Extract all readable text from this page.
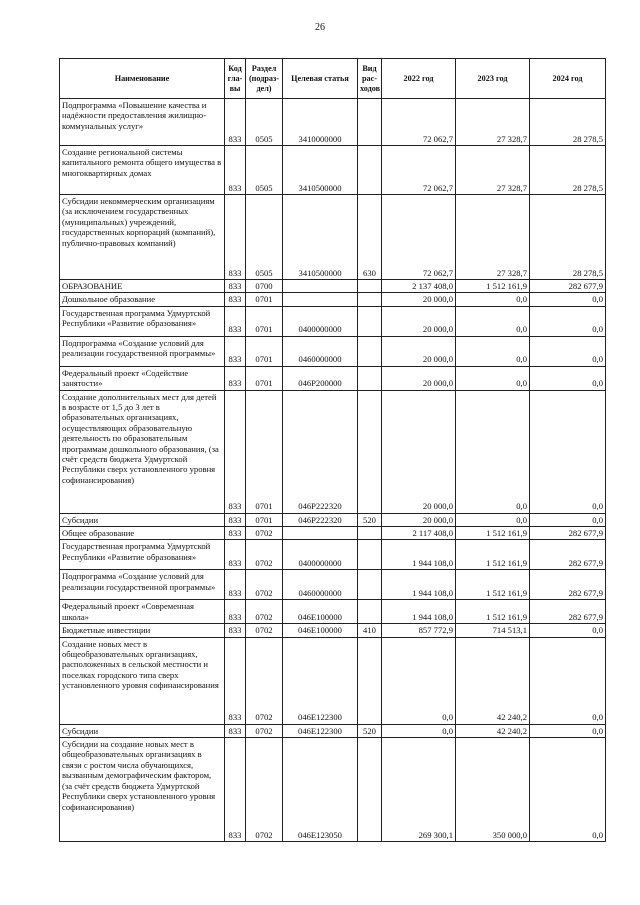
26
Наименование	Код гла-вы	Раздел (подраз-дел)	Целевая статья	Вид рас-ходов	2022 год	2023 год	2024 год
Подпрограмма «Повышение качества и надёжности предоставления жилищно-коммунальных услуг»	833	0505	3410000000		72 062,7	27 328,7	28 278,5
Создание региональной системы капитального ремонта общего имущества в многоквартирных домах	833	0505	3410500000		72 062,7	27 328,7	28 278,5
Субсидии некоммерческим организациям (за исключением государственных (муниципальных) учреждений, государственных корпораций (компаний), публично-правовых компаний)	833	0505	3410500000	630	72 062,7	27 328,7	28 278,5
ОБРАЗОВАНИЕ	833	0700			2 137 408,0	1 512 161,9	282 677,9
Дошкольное образование	833	0701			20 000,0	0,0	0,0
Государственная программа Удмуртской Республики «Развитие образования»	833	0701	0400000000		20 000,0	0,0	0,0
Подпрограмма «Создание условий для реализации государственной программы»	833	0701	0460000000		20 000,0	0,0	0,0
Федеральный проект «Содействие занятости»	833	0701	046P200000		20 000,0	0,0	0,0
Создание дополнительных мест для детей в возрасте от 1,5 до 3 лет в образовательных организациях, осуществляющих образовательную деятельность по образовательным программам дошкольного образования, (за счёт средств бюджета Удмуртской Республики сверх установленного уровня софинансирования)	833	0701	046P222320		20 000,0	0,0	0,0
Субсидии	833	0701	046P222320	520	20 000,0	0,0	0,0
Общее образование	833	0702			2 117 408,0	1 512 161,9	282 677,9
Государственная программа Удмуртской Республики «Развитие образования»	833	0702	0400000000		1 944 108,0	1 512 161,9	282 677,9
Подпрограмма «Создание условий для реализации государственной программы»	833	0702	0460000000		1 944 108,0	1 512 161,9	282 677,9
Федеральный проект «Современная школа»	833	0702	046E100000		1 944 108,0	1 512 161,9	282 677,9
Бюджетные инвестиции	833	0702	046E100000	410	857 772,9	714 513,1	0,0
Создание новых мест в общеобразовательных организациях, расположенных в сельской местности и поселках городского типа сверх установленного уровня софинансирования	833	0702	046E122300		0,0	42 240,2	0,0
Субсидии	833	0702	046E122300	520	0,0	42 240,2	0,0
Субсидии на создание новых мест в общеобразовательных организациях в связи с ростом числа обучающихся, вызванным демографическим фактором, (за счёт средств бюджета Удмуртской Республики сверх установленного уровня софинансирования)	833	0702	046E123050		269 300,1	350 000,0	0,0
